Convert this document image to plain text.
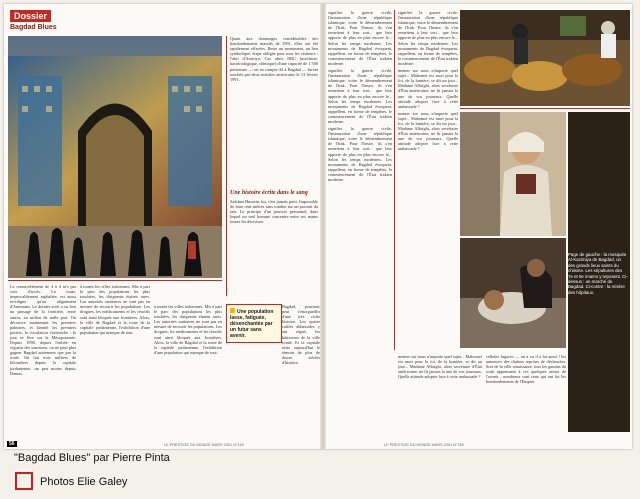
Dossier
Bagdad Blues

Le renouvellement de 4 à 4 m's par voie d'accès. La route, impeccablement asphaltée, est aussi rectiligne qu'un alignement d'Ammrans. Le dernier arrêt a vu lieu au passage de la frontière, entre autres, au milieu de nulle part. On découvre maintenant les premiers palmiers, et bientôt les premiers potiers, la circulation s'intensifie : le jour se lève sur la Mésopotamie. Depuis 1990, depuis l'entrée en vigueur des sanctions, on ne peut plus gagner Bagdad autrement que par la route. On fait trois milliers de kilomètres depuis la capitale jordanienne, un peu moins depuis Damas.

à toutes les villes irakiennes. Mis à part le parc des populations les plus touchées, les dirigeants étaient rares. Les autorités sanitaires ne sont pas en mesure de secourir les populations. Les drogues, les médicaments et les réactifs sont ainsi bloqués aux frontières. Alors, la ville de Bagdad et la route de la capitale jordanienne, l'exhibition d'une population qui manque de tout.

Quant aux dommages considérables des bombardements massifs de 1991, elles ont été rapidement effacées. Reste un monument, un lieu symbolique, étape obligée pour tous les visiteurs : l'abri d'Amiriya. Ces abris NBC (nucléaire, bactériologique, chimique) d'une capacité de 1 500 personnes — on en compte 44 à Bagdad — furent touchés par deux missiles américains le 13 février 1991.

Une histoire écrite dans le sang

Saddam Hussein, lui, s'est jamais parti. Impossible de faire cent mètres sans tomber sur un portrait du raïs. Le principe d'un pouvoir personnel, dans lequel un seul homme concentre entre ses mains toutes les décisions.

Une population lasse, fatiguée, désenchantée par un futur sans avenir.

Bagdad, pourtant, peut s'enorgueillir d'une très riche histoire. Les quatre califes abbassides y ont régné, les bâtisseurs de la ville ronde. Et la capitale reste aujourd'hui le témoin de plus de douze siècles d'histoire.

à toutes les villes irakiennes. Mis à part le parc des populations les plus touchées, les dirigeants étaient rares. Les autorités sanitaires ne sont pas en mesure de secourir les populations. Les drogues, les médicaments et les réactifs sont ainsi bloqués aux frontières. Alors, la ville de Bagdad et la route de la capitale jordanienne, l'exhibition d'une population qui manque de tout.

56	LE PRESTIGE DU MONDE MARS 2001 N°160

signifier la guerre civile, l'instauration d'une république islamique, voire le démembrement de l'Irak. Pour l'heure, ils s'en remettent à leur sort... que leur apporte de plus en plus encore le... Selon les temps modernes. Les monuments de Bagdad évoquent, rappellent, en forme de tempêtes, le commencement de l'État irakien moderne.

signifier la guerre civile, l'instauration d'une république islamique, voire le démembrement de l'Irak. Pour l'heure, ils s'en remettent à leur sort... que leur apporte de plus en plus encore le... Selon les temps modernes. Les monuments de Bagdad évoquent, rappellent, en forme de tempêtes, le commencement de l'État irakien moderne.

signifier la guerre civile, l'instauration d'une république islamique, voire le démembrement de l'Irak. Pour l'heure, ils s'en remettent à leur sort... que leur apporte de plus en plus encore le... Selon les temps modernes. Les monuments de Bagdad évoquent, rappellent, en forme de tempêtes, le commencement de l'État irakien moderne.

signifier la guerre civile, l'instauration d'une république islamique, voire le démembrement de l'Irak. Pour l'heure, ils s'en remettent à leur sort... que leur apporte de plus en plus encore le... Selon les temps modernes. Les monuments de Bagdad évoquent, rappellent, en forme de tempêtes, le commencement de l'État irakien moderne.

menter sur nous n'importe quel sujet... Mahomet est mort pour la foi, de la lumière, se dit un jour... Madame Albright, alors secrétaire d'État américaine, ne fit jamais la une de vos journaux. Quelle attitude adopter face à cette ambassade ?

menter sur nous n'importe quel sujet... Mahomet est mort pour la foi, de la lumière, se dit un jour... Madame Albright, alors secrétaire d'État américaine, ne fit jamais la une de vos journaux. Quelle attitude adopter face à cette ambassade ?

Page de gauche : la mosquée Al-Kazimiya de Bagdad, un des grands lieux saints du chiisme. Les sépultures des 7e et 9e imams y reposent. Ci-dessus : un marché de Bagdad. Ci-contre : la misère des hôpitaux.

menter sur nous n'importe quel sujet... Mahomet est mort pour la foi, de la lumière, se dit un jour... Madame Albright, alors secrétaire d'État américaine, ne fit jamais la une de vos journaux. Quelle attitude adopter face à cette ambassade ?

cellules fugaces — on a vu il a lui aussi ! les annonces des chaînes reprises de déclencher. Sort de la ville renaissante, tous les gamins du souk apprennent à ces quelques armes de l'avenir ; nombreux sont ceux qui ont fui les bombardements de l'Empire.

LE PRESTIGE DU MONDE MARS 2001 N°160
"Bagdad Blues" par Pierre Pinta
Photos Elie Galey
